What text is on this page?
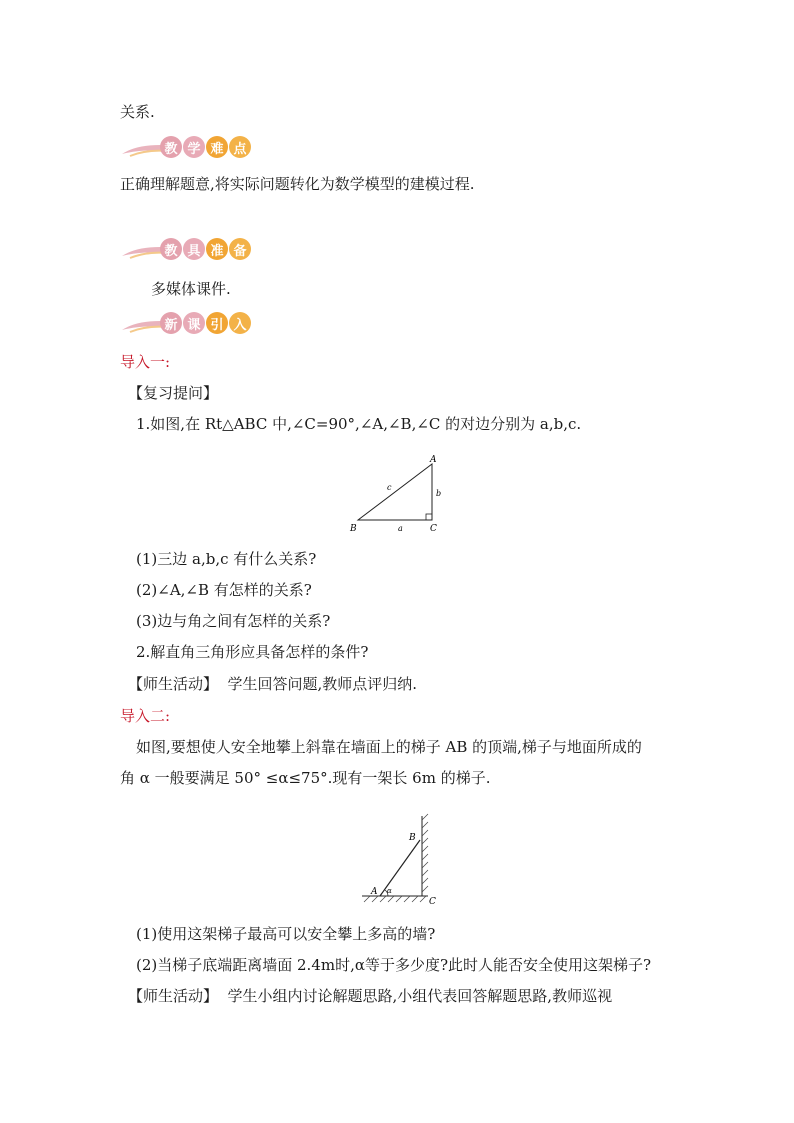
关系.
教 学 难 点
正确理解题意,将实际问题转化为数学模型的建模过程.
教 具 准 备
多媒体课件.
新 课 引 入
导入一:
【复习提问】
1.如图,在 Rt△ABC 中,∠C=90°,∠A,∠B,∠C 的对边分别为 a,b,c.
A
B	C
a
b
c
(1)三边 a,b,c 有什么关系?
(2)∠A,∠B 有怎样的关系?
(3)边与角之间有怎样的关系?
2.解直角三角形应具备怎样的条件?
【师生活动】  学生回答问题,教师点评归纳.
导入二:
如图,要想使人安全地攀上斜靠在墙面上的梯子 AB 的顶端,梯子与地面所成的
角 α 一般要满足 50° ≤α≤75°.现有一架长 6m 的梯子.
B
A
C
α
(1)使用这架梯子最高可以安全攀上多高的墙?
(2)当梯子底端距离墙面 2.4m时,α等于多少度?此时人能否安全使用这架梯子?
【师生活动】  学生小组内讨论解题思路,小组代表回答解题思路,教师巡视
